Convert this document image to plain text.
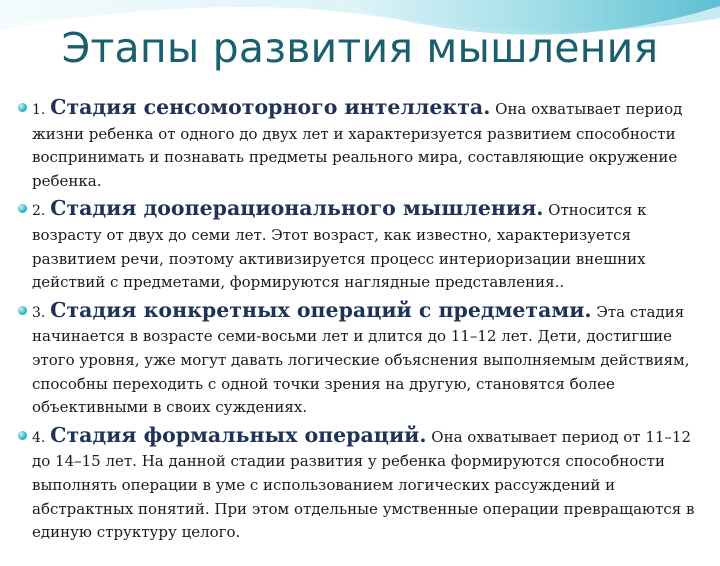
Этапы развития мышления
1. Стадия сенсомоторного интеллекта. Она охватывает период жизни ребенка от одного до двух лет и характеризуется развитием способности воспринимать и познавать предметы реального мира, составляющие окружение ребенка.
2. Стадия дооперационального мышления. Относится к возрасту от двух до семи лет. Этот возраст, как известно, характеризуется развитием речи, поэтому активизируется процесс интериоризации внешних действий с предметами, формируются наглядные представления..
3. Стадия конкретных операций с предметами. Эта стадия начинается в возрасте семи-восьми лет и длится до 11–12 лет. Дети, достигшие этого уровня, уже могут давать логические объяснения выполняемым действиям, способны переходить с одной точки зрения на другую, становятся более объективными в своих суждениях.
4. Стадия формальных операций. Она охватывает период от 11–12 до 14–15 лет. На данной стадии развития у ребенка формируются способности выполнять операции в уме с использованием логических рассуждений и абстрактных понятий. При этом отдельные умственные операции превращаются в единую структуру целого.
